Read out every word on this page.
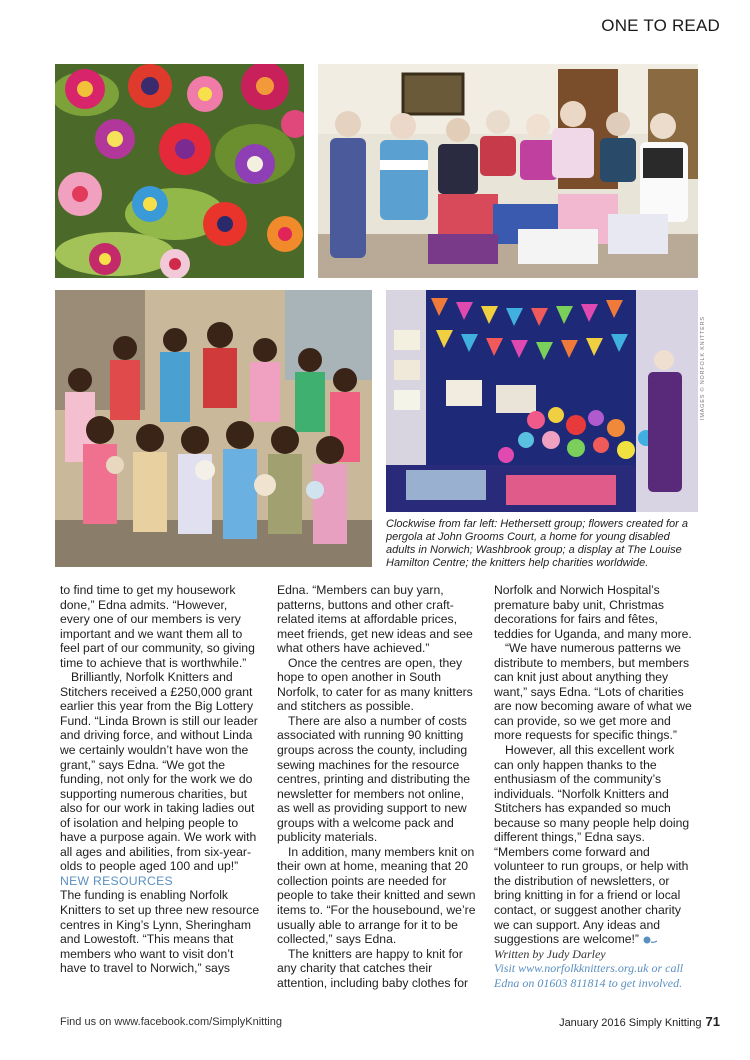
ONE TO READ
IMAGES © NORFOLK KNITTERS
Clockwise from far left: Hethersett group; flowers created for a pergola at John Grooms Court, a home for young disabled adults in Norwich; Washbrook group; a display at The Louise Hamilton Centre; the knitters help charities worldwide.

to find time to get my housework done,” Edna admits. “However, every one of our members is very important and we want them all to feel part of our community, so giving time to achieve that is worthwhile.”

Brilliantly, Norfolk Knitters and Stitchers received a £250,000 grant earlier this year from the Big Lottery Fund. “Linda Brown is still our leader and driving force, and without Linda we certainly wouldn’t have won the grant,” says Edna. “We got the funding, not only for the work we do supporting numerous charities, but also for our work in taking ladies out of isolation and helping people to have a purpose again. We work with all ages and abilities, from six-year-olds to people aged 100 and up!”

NEW RESOURCES

The funding is enabling Norfolk Knitters to set up three new resource centres in King’s Lynn, Sheringham and Lowestoft. “This means that members who want to visit don’t have to travel to Norwich,” says

Edna. “Members can buy yarn, patterns, buttons and other craft-related items at affordable prices, meet friends, get new ideas and see what others have achieved.”

Once the centres are open, they hope to open another in South Norfolk, to cater for as many knitters and stitchers as possible.

There are also a number of costs associated with running 90 knitting groups across the county, including sewing machines for the resource centres, printing and distributing the newsletter for members not online, as well as providing support to new groups with a welcome pack and publicity materials.

In addition, many members knit on their own at home, meaning that 20 collection points are needed for people to take their knitted and sewn items to. “For the housebound, we’re usually able to arrange for it to be collected,” says Edna.

The knitters are happy to knit for any charity that catches their attention, including baby clothes for

Norfolk and Norwich Hospital’s premature baby unit, Christmas decorations for fairs and fêtes, teddies for Uganda, and many more.

“We have numerous patterns we distribute to members, but members can knit just about anything they want,” says Edna. “Lots of charities are now becoming aware of what we can provide, so we get more and more requests for specific things.”

However, all this excellent work can only happen thanks to the enthusiasm of the community’s individuals. “Norfolk Knitters and Stitchers has expanded so much because so many people help doing different things,” Edna says. “Members come forward and volunteer to run groups, or help with the distribution of newsletters, or bring knitting in for a friend or local contact, or suggest another charity we can support. Any ideas and suggestions are welcome!”

Written by Judy Darley

Visit www.norfolkknitters.org.uk or call Edna on 01603 811814 to get involved.

Find us on www.facebook.com/SimplyKnitting	January 2016 Simply Knitting 71
